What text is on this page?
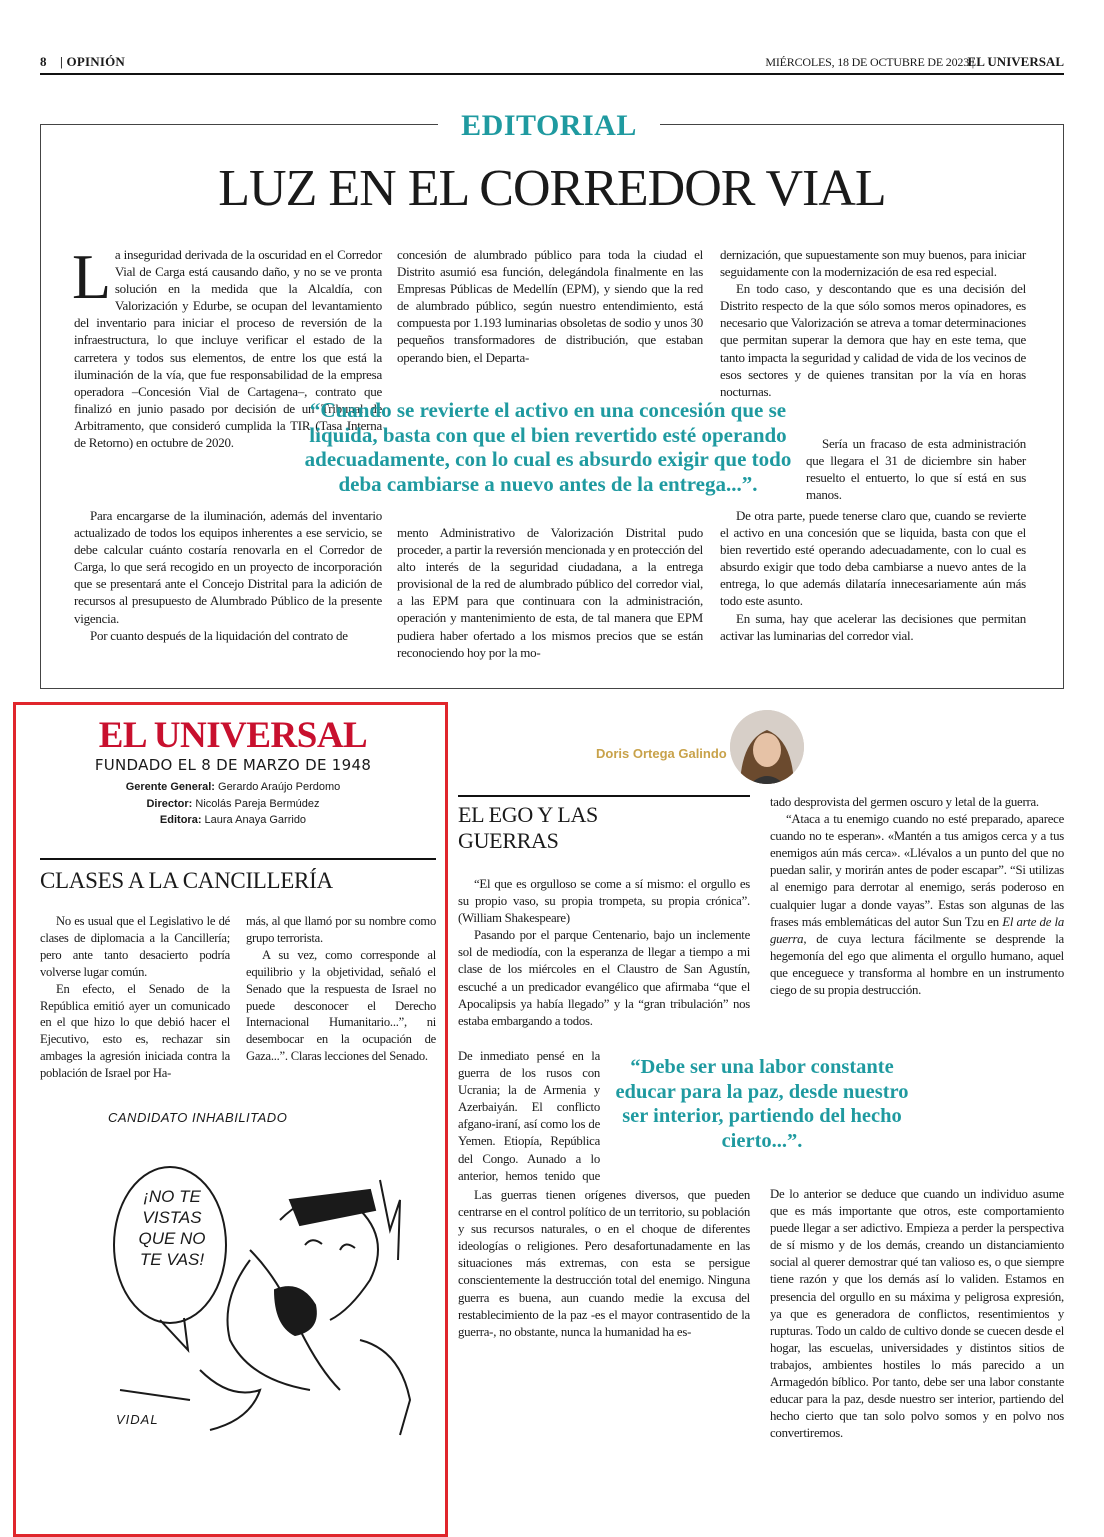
8 | OPINIÓN	MIÉRCOLES, 18 DE OCTUBRE DE 2023 |
EL UNIVERSAL
EDITORIAL
LUZ EN EL CORREDOR VIAL

La inseguridad derivada de la oscuridad en el Corredor Vial de Carga está causando daño, y no se ve pronta solución en la medida que la Alcaldía, con Valorización y Edurbe, se ocupan del levantamiento del inventario para iniciar el proceso de reversión de la infraestructura, lo que incluye verificar el estado de la carretera y todos sus elementos, de entre los que está la iluminación de la vía, que fue responsabilidad de la empresa operadora –Concesión Vial de Cartagena–, contrato que finalizó en junio pasado por decisión de un Tribunal de Arbitramento, que consideró cumplida la TIR (Tasa Interna de Retorno) en octubre de 2020.

Para encargarse de la iluminación, además del inventario actualizado de todos los equipos inherentes a ese servicio, se debe calcular cuánto costaría renovarla en el Corredor de Carga, lo que será recogido en un proyecto de incorporación que se presentará ante el Concejo Distrital para la adición de recursos al presupuesto de Alumbrado Público de la presente vigencia.

Por cuanto después de la liquidación del contrato de

concesión de alumbrado público para toda la ciudad el Distrito asumió esa función, delegándola finalmente en las Empresas Públicas de Medellín (EPM), y siendo que la red de alumbrado público, según nuestro entendimiento, está compuesta por 1.193 luminarias obsoletas de sodio y unos 30 pequeños transformadores de distribución, que estaban operando bien, el Departa-

mento Administrativo de Valorización Distrital pudo proceder, a partir la reversión mencionada y en protección del alto interés de la seguridad ciudadana, a la entrega provisional de la red de alumbrado público del corredor vial, a las EPM para que continuara con la administración, operación y mantenimiento de esta, de tal manera que EPM pudiera haber ofertado a los mismos precios que se están reconociendo hoy por la mo-

dernización, que supuestamente son muy buenos, para iniciar seguidamente con la modernización de esa red especial.

En todo caso, y descontando que es una decisión del Distrito respecto de la que sólo somos meros opinadores, es necesario que Valorización se atreva a tomar determinaciones que permitan superar la demora que hay en este tema, que tanto impacta la seguridad y calidad de vida de los vecinos de esos sectores y de quienes transitan por la vía en horas nocturnas.

Sería un fracaso de esta administración que llegara el 31 de diciembre sin haber resuelto el entuerto, lo que sí está en sus manos.

De otra parte, puede tenerse claro que, cuando se revierte el activo en una concesión que se liquida, basta con que el bien revertido esté operando adecuadamente, con lo cual es absurdo exigir que todo deba cambiarse a nuevo antes de la entrega, lo que además dilataría innecesariamente aún más todo este asunto.

En suma, hay que acelerar las decisiones que permitan activar las luminarias del corredor vial.

“Cuando se revierte el activo en una concesión que se liquida, basta con que el bien revertido esté operando adecuadamente, con lo cual es absurdo exigir que todo deba cambiarse a nuevo antes de la entrega...”.
EL UNIVERSAL
FUNDADO EL 8 DE MARZO DE 1948
Gerente General: Gerardo Araújo Perdomo
Director: Nicolás Pareja Bermúdez
Editora: Laura Anaya Garrido
CLASES A LA CANCILLERÍA

No es usual que el Legislativo le dé clases de diplomacia a la Cancillería; pero ante tanto desacierto podría volverse lugar común.

En efecto, el Senado de la República emitió ayer un comunicado en el que hizo lo que debió hacer el Ejecutivo, esto es, rechazar sin ambages la agresión iniciada contra la población de Israel por Ha-

más, al que llamó por su nombre como grupo terrorista.

A su vez, como corresponde al equilibrio y la objetividad, señaló el Senado que la respuesta de Israel no puede desconocer el Derecho Internacional Humanitario...”, ni desembocar en la ocupación de Gaza...”. Claras lecciones del Senado.

CANDIDATO INHABILITADO
¡NO TE
VISTAS
QUE NO
TE VAS!
VIDAL
Doris Ortega Galindo
EL EGO Y LAS
GUERRAS

“El que es orgulloso se come a sí mismo: el orgullo es su propio vaso, su propia trompeta, su propia crónica”. (William Shakespeare)

Pasando por el parque Centenario, bajo un inclemente sol de mediodía, con la esperanza de llegar a tiempo a mi clase de los miércoles en el Claustro de San Agustín, escuché a un predicador evangélico que afirmaba “que el Apocalipsis ya había llegado” y la “gran tribulación” nos estaba embargando a todos.

De inmediato pensé en la guerra de los rusos con Ucrania; la de Armenia y Azerbaiyán. El conflicto afgano-iraní, así como los de Yemen. Etiopía, República del Congo. Aunado a lo anterior, hemos tenido que

Las guerras tienen orígenes diversos, que pueden centrarse en el control político de un territorio, su población y sus recursos naturales, o en el choque de diferentes ideologías o religiones. Pero desafortunadamente en las situaciones más extremas, con esta se persigue conscientemente la destrucción total del enemigo. Ninguna guerra es buena, aun cuando medie la excusa del restablecimiento de la paz -es el mayor contrasentido de la guerra-, no obstante, nunca la humanidad ha es-

tado desprovista del germen oscuro y letal de la guerra.

“Ataca a tu enemigo cuando no esté preparado, aparece cuando no te esperan». «Mantén a tus amigos cerca y a tus enemigos aún más cerca». «Llévalos a un punto del que no puedan salir, y morirán antes de poder escapar”. “Si utilizas al enemigo para derrotar al enemigo, serás poderoso en cualquier lugar a donde vayas”. Estas son algunas de las frases más emblemáticas del autor Sun Tzu en El arte de la guerra, de cuya lectura fácilmente se desprende la hegemonía del ego que alimenta el orgullo humano, aquel que enceguece y transforma al hombre en un instrumento ciego de su propia destrucción.

De lo anterior se deduce que cuando un individuo asume que es más importante que otros, este comportamiento puede llegar a ser adictivo. Empieza a perder la perspectiva de sí mismo y de los demás, creando un distanciamiento social al querer demostrar qué tan valioso es, o que siempre tiene razón y que los demás así lo validen. Estamos en presencia del orgullo en su máxima y peligrosa expresión, ya que es generadora de conflictos, resentimientos y rupturas. Todo un caldo de cultivo donde se cuecen desde el hogar, las escuelas, universidades y distintos sitios de trabajos, ambientes hostiles lo más parecido a un Armagedón bíblico. Por tanto, debe ser una labor constante educar para la paz, desde nuestro ser interior, partiendo del hecho cierto que tan solo polvo somos y en polvo nos convertiremos.

“Debe ser una labor constante educar para la paz, desde nuestro ser interior, partiendo del hecho cierto...”.
